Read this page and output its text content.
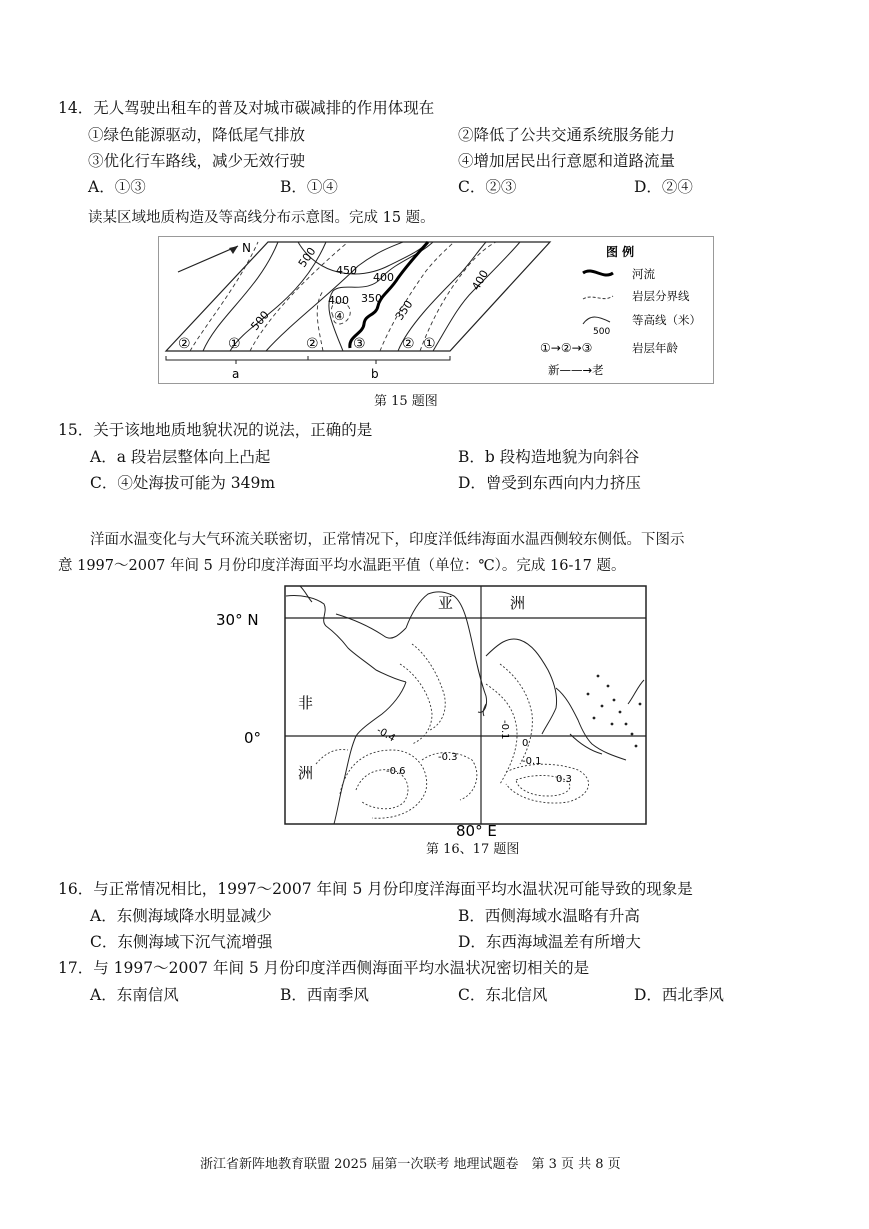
14．无人驾驶出租车的普及对城市碳减排的作用体现在
①绿色能源驱动，降低尾气排放	②降低了公共交通系统服务能力
③优化行车路线，减少无效行驶	④增加居民出行意愿和道路流量
A．①③	B．①④	C．②③	D．②④
读某区域地质构造及等高线分布示意图。完成 15 题。
N	500
450
400
400 350
500	350
400
④
②	①	② ③	② ①
a	b
图 例
河流
岩层分界线
500
等高线（米）
①→②→③	岩层年龄
新——→老
第 15 题图
15．关于该地地质地貌状况的说法，正确的是
A．a 段岩层整体向上凸起	B．b 段构造地貌为向斜谷
C．④处海拔可能为 349m	D．曾受到东西向内力挤压
洋面水温变化与大气环流关联密切，正常情况下，印度洋低纬海面水温西侧较东侧低。下图示
意 1997～2007 年间 5 月份印度洋海面平均水温距平值（单位：℃）。完成 16-17 题。
30° N
0°
80° E
亚	洲
非
洲
-0.4
-0.6
-0.3
-0.1
0
-0.1
0.3
第 16、17 题图
16．与正常情况相比，1997～2007 年间 5 月份印度洋海面平均水温状况可能导致的现象是
A．东侧海域降水明显减少	B．西侧海域水温略有升高
C．东侧海域下沉气流增强	D．东西海域温差有所增大
17．与 1997～2007 年间 5 月份印度洋西侧海面平均水温状况密切相关的是
A．东南信风	B．西南季风	C．东北信风	D．西北季风
浙江省新阵地教育联盟 2025 届第一次联考 地理试题卷　第 3 页 共 8 页
